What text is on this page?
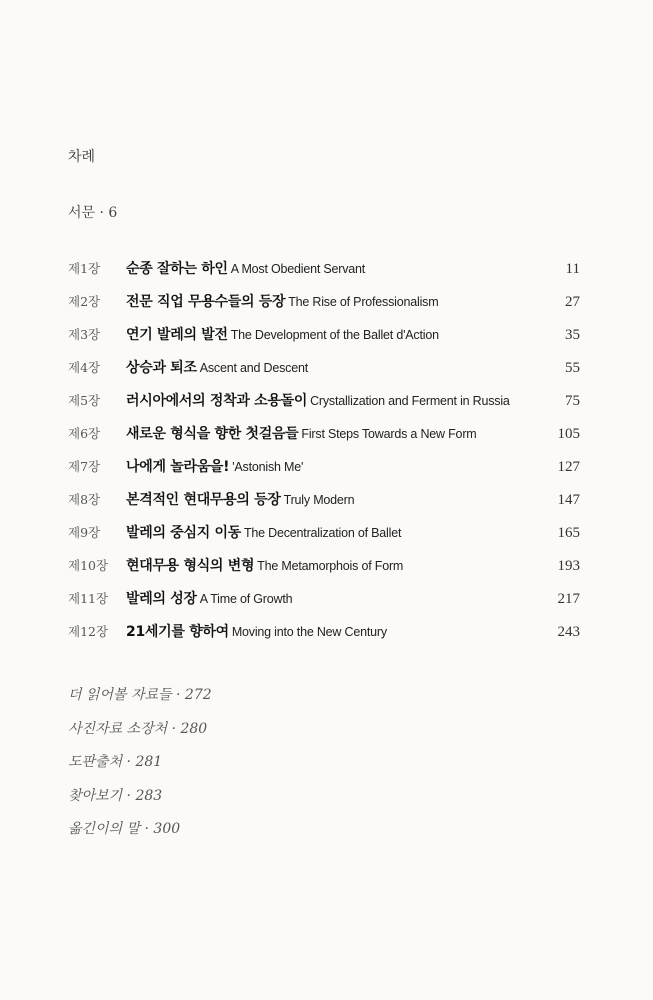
차례
서문 · 6
제1장	순종 잘하는 하인 A Most Obedient Servant	11
제2장	전문 직업 무용수들의 등장 The Rise of Professionalism	27
제3장	연기 발레의 발전 The Development of the Ballet d'Action	35
제4장	상승과 퇴조 Ascent and Descent	55
제5장	러시아에서의 정착과 소용돌이 Crystallization and Ferment in Russia	75
제6장	새로운 형식을 향한 첫걸음들 First Steps Towards a New Form	105
제7장	나에게 놀라움을! 'Astonish Me'	127
제8장	본격적인 현대무용의 등장 Truly Modern	147
제9장	발레의 중심지 이동 The Decentralization of Ballet	165
제10장	현대무용 형식의 변형 The Metamorphois of Form	193
제11장	발레의 성장 A Time of Growth	217
제12장	21세기를 향하여 Moving into the New Century	243
더 읽어볼 자료들 · 272
사진자료 소장처 · 280
도판출처 · 281
찾아보기 · 283
옮긴이의 말 · 300
